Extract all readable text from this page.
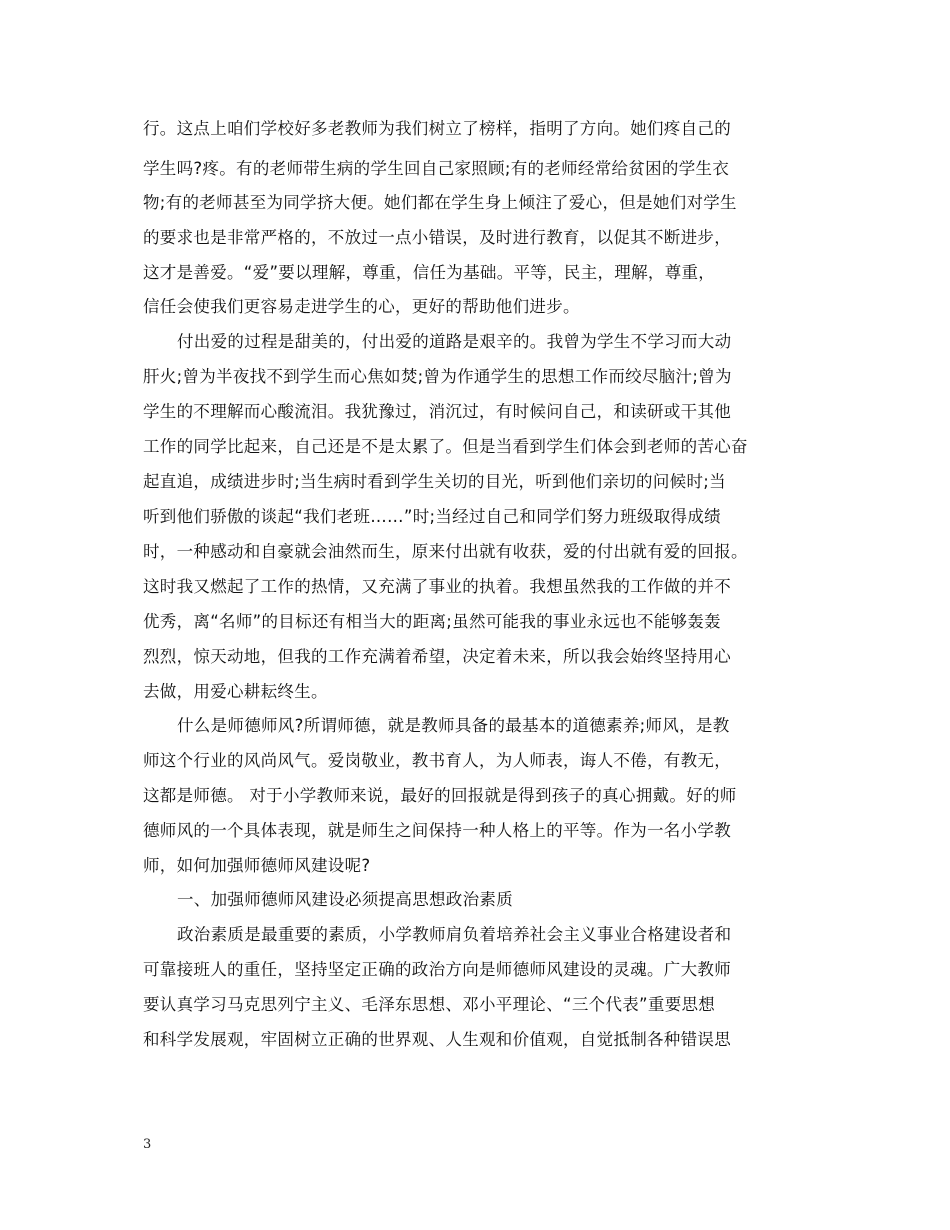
行。这点上咱们学校好多老教师为我们树立了榜样，指明了方向。她们疼自己的
学生吗?疼。有的老师带生病的学生回自己家照顾;有的老师经常给贫困的学生衣
物;有的老师甚至为同学挤大便。她们都在学生身上倾注了爱心，但是她们对学生
的要求也是非常严格的，不放过一点小错误，及时进行教育，以促其不断进步，
这才是善爱。“爱”要以理解，尊重，信任为基础。平等，民主，理解，尊重，
信任会使我们更容易走进学生的心，更好的帮助他们进步。
付出爱的过程是甜美的，付出爱的道路是艰辛的。我曾为学生不学习而大动
肝火;曾为半夜找不到学生而心焦如焚;曾为作通学生的思想工作而绞尽脑汁;曾为
学生的不理解而心酸流泪。我犹豫过，消沉过，有时候问自己，和读研或干其他
工作的同学比起来，自己还是不是太累了。但是当看到学生们体会到老师的苦心奋
起直追，成绩进步时;当生病时看到学生关切的目光，听到他们亲切的问候时;当
听到他们骄傲的谈起“我们老班……”时;当经过自己和同学们努力班级取得成绩
时，一种感动和自豪就会油然而生，原来付出就有收获，爱的付出就有爱的回报。
这时我又燃起了工作的热情，又充满了事业的执着。我想虽然我的工作做的并不
优秀，离“名师”的目标还有相当大的距离;虽然可能我的事业永远也不能够轰轰
烈烈，惊天动地，但我的工作充满着希望，决定着未来，所以我会始终坚持用心
去做，用爱心耕耘终生。
什么是师德师风?所谓师德，就是教师具备的最基本的道德素养;师风，是教
师这个行业的风尚风气。爱岗敬业，教书育人，为人师表，诲人不倦，有教无，
这都是师德。 对于小学教师来说，最好的回报就是得到孩子的真心拥戴。好的师
德师风的一个具体表现，就是师生之间保持一种人格上的平等。作为一名小学教
师，如何加强师德师风建设呢?
一、加强师德师风建设必须提高思想政治素质
政治素质是最重要的素质，小学教师肩负着培养社会主义事业合格建设者和
可靠接班人的重任，坚持坚定正确的政治方向是师德师风建设的灵魂。广大教师
要认真学习马克思列宁主义、毛泽东思想、邓小平理论、“三个代表”重要思想
和科学发展观，牢固树立正确的世界观、人生观和价值观，自觉抵制各种错误思
3
